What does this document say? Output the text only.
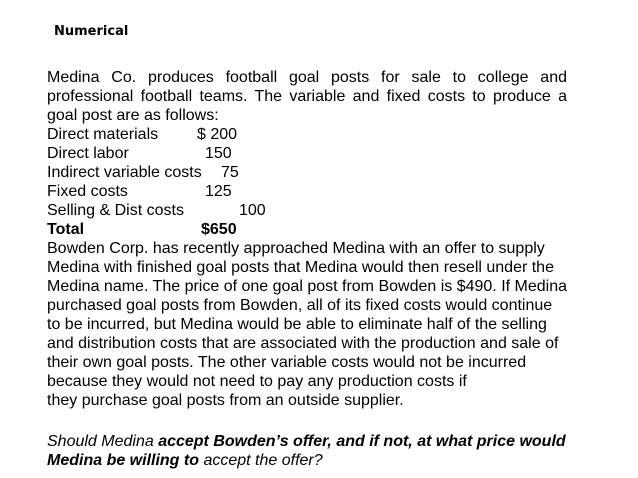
Numerical
Medina Co. produces football goal posts for sale to college and professional football teams. The variable and fixed costs to produce a goal post are as follows:
Direct materials $ 200
Direct labor	150
Indirect variable costs 75
Fixed costs	125
Selling & Dist costs	100
Total	$650
Bowden Corp. has recently approached Medina with an offer to supply
Medina with finished goal posts that Medina would then resell under the
Medina name. The price of one goal post from Bowden is $490. If Medina
purchased goal posts from Bowden, all of its fixed costs would continue
to be incurred, but Medina would be able to eliminate half of the selling
and distribution costs that are associated with the production and sale of
their own goal posts. The other variable costs would not be incurred
because they would not need to pay any production costs if
they purchase goal posts from an outside supplier.
Should Medina accept Bowden’s offer, and if not, at what price would Medina be willing to accept the offer?
